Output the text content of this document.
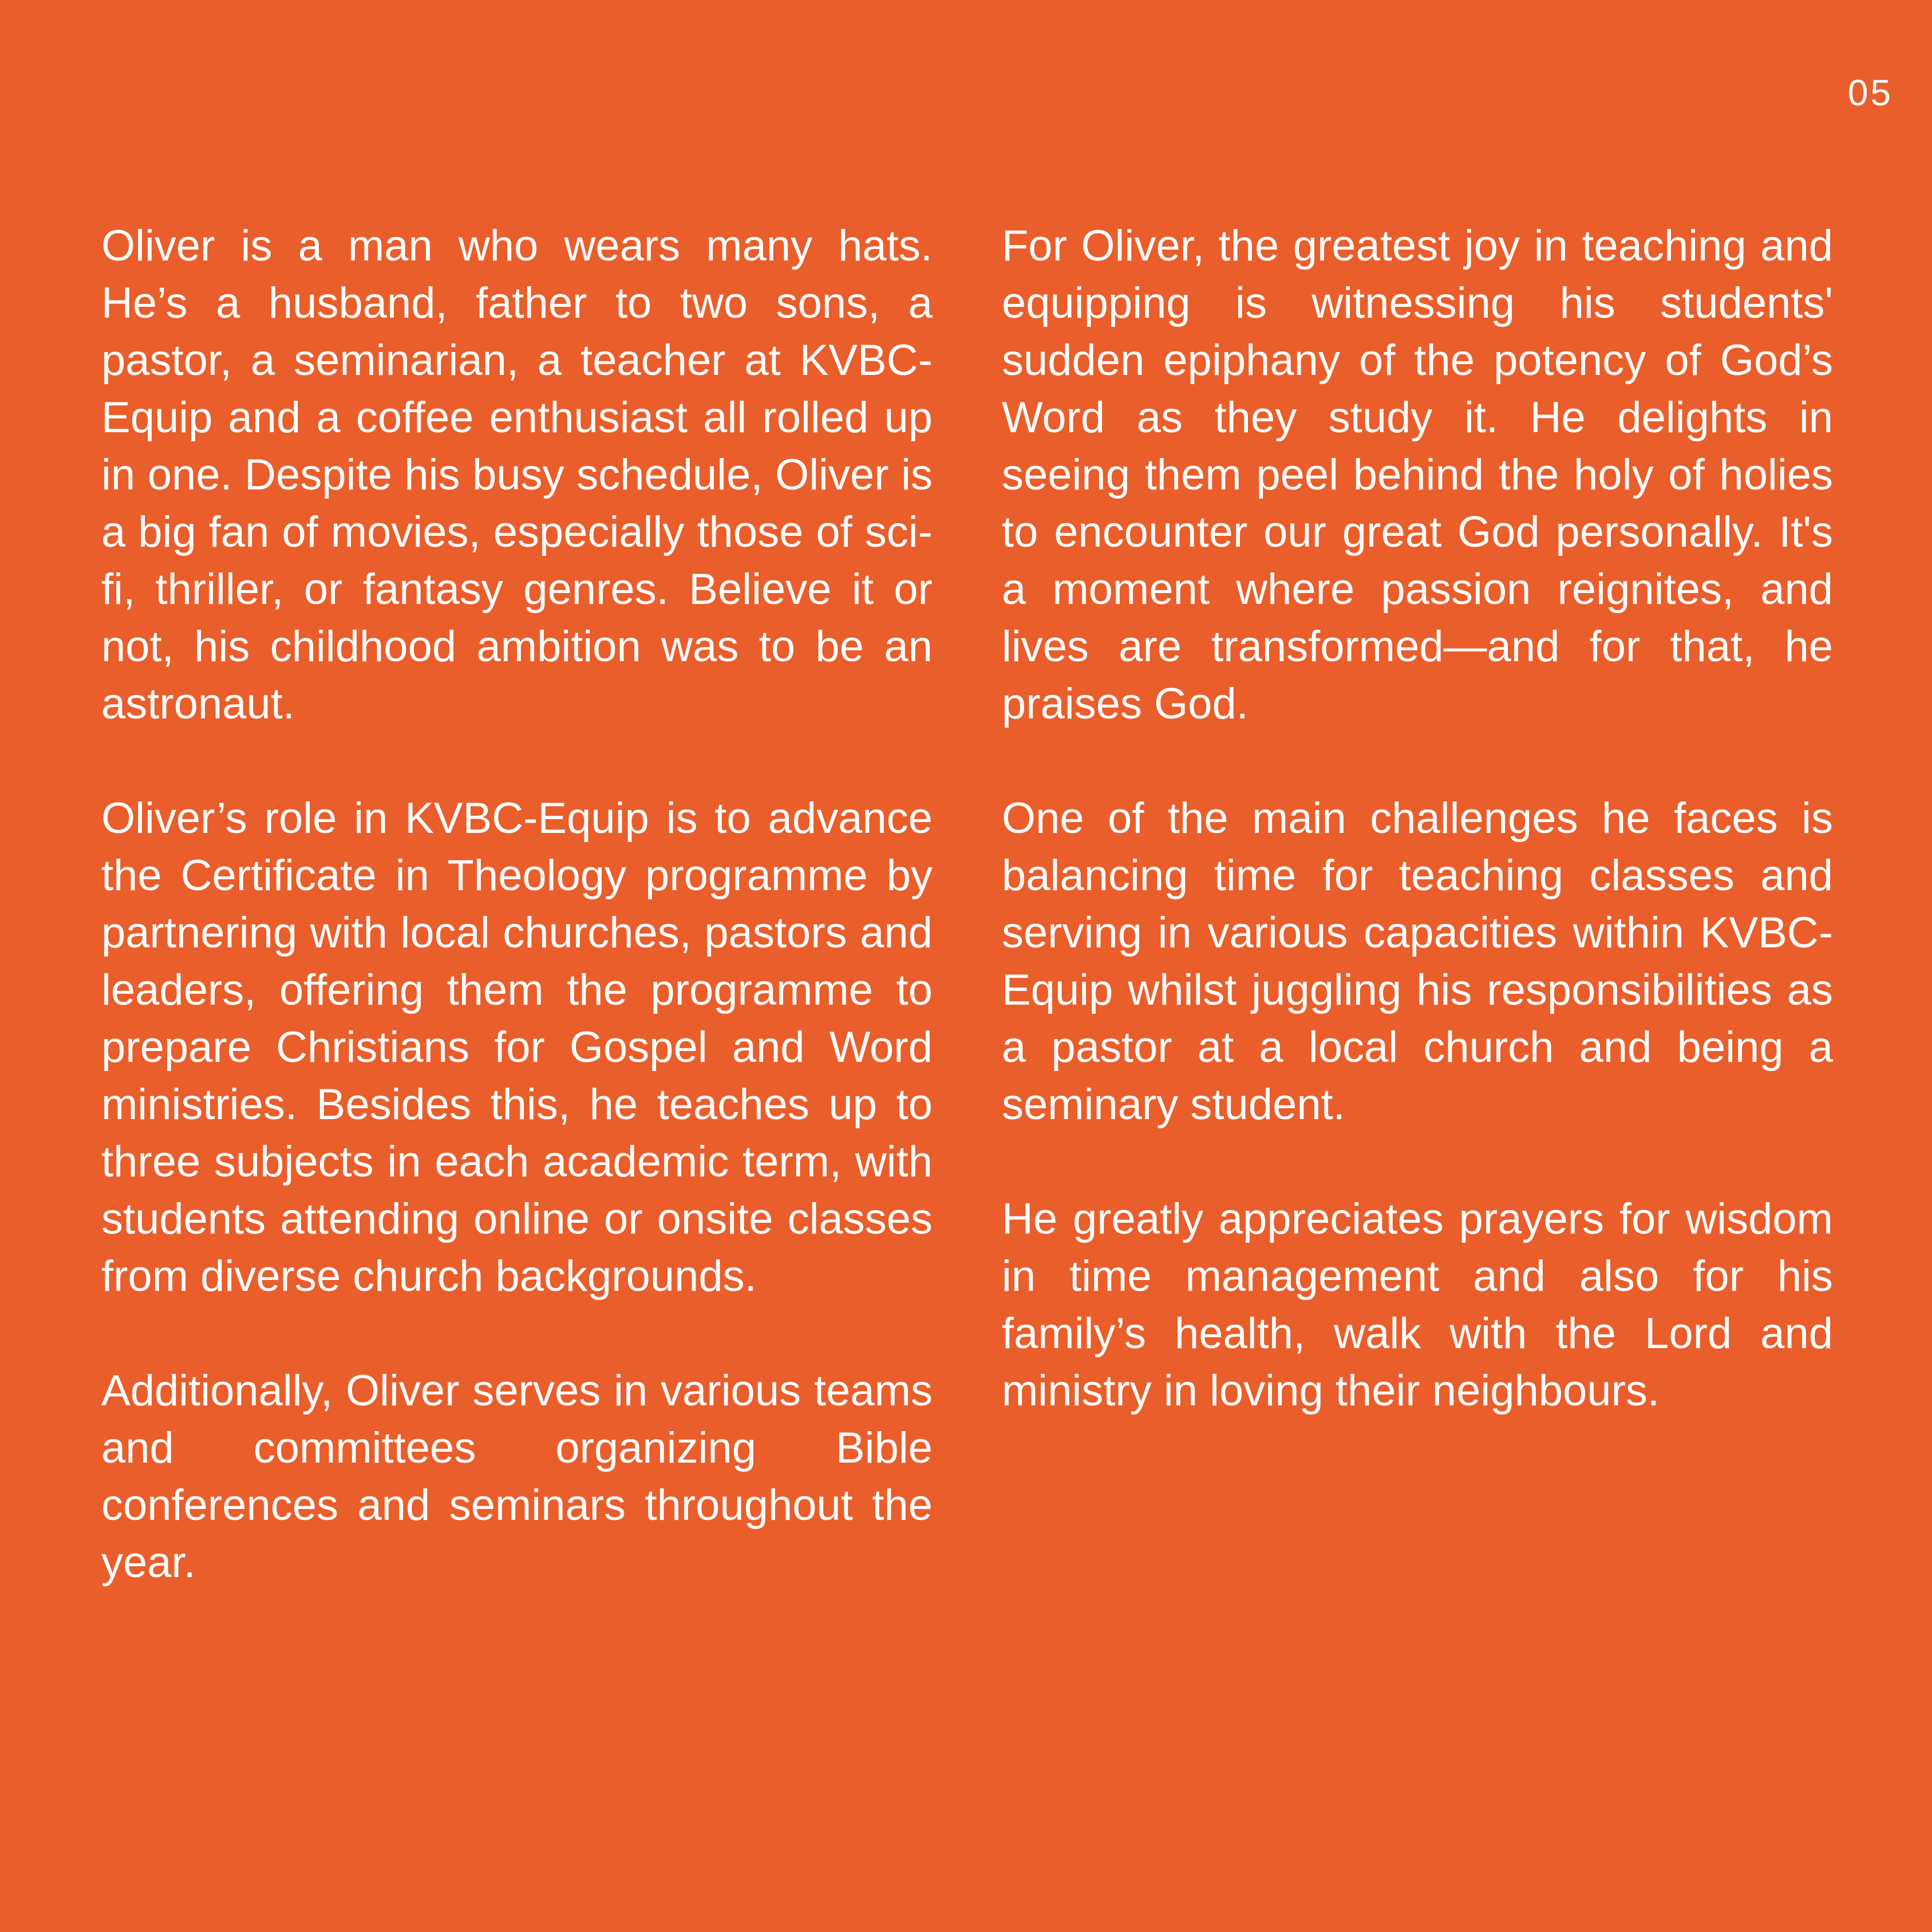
05

Oliver is a man who wears many hats. He’s a husband, father to two sons, a pastor, a seminarian, a teacher at KVBC-Equip and a coffee enthusiast all rolled up in one. Despite his busy schedule, Oliver is a big fan of movies, especially those of sci-fi, thriller, or fantasy genres. Believe it or not, his childhood ambition was to be an astronaut.

Oliver’s role in KVBC-Equip is to advance the Certificate in Theology programme by partnering with local churches, pastors and leaders, offering them the programme to prepare Christians for Gospel and Word ministries. Besides this, he teaches up to three subjects in each academic term, with students attending online or onsite classes from diverse church backgrounds.

Additionally, Oliver serves in various teams and committees organizing Bible conferences and seminars throughout the year.

For Oliver, the greatest joy in teaching and equipping is witnessing his students' sudden epiphany of the potency of God’s Word as they study it. He delights in seeing them peel behind the holy of holies to encounter our great God personally. It's a moment where passion reignites, and lives are transformed—and for that, he praises God.

One of the main challenges he faces is balancing time for teaching classes and serving in various capacities within KVBC-Equip whilst juggling his responsibilities as a pastor at a local church and being a seminary student.

He greatly appreciates prayers for wisdom in time management and also for his family’s health, walk with the Lord and ministry in loving their neighbours.
